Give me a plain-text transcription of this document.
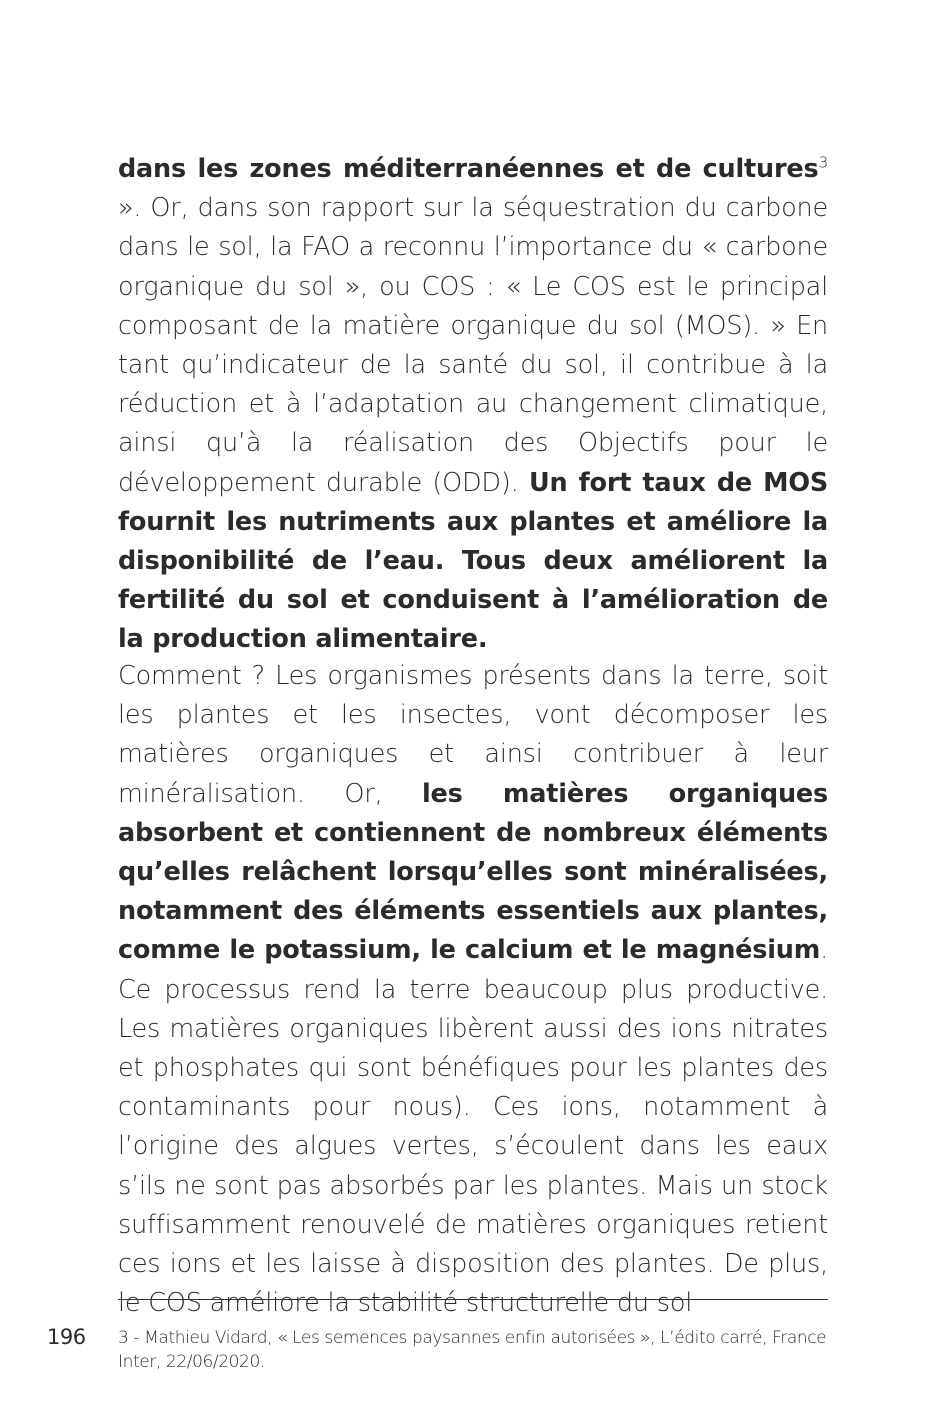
dans les zones méditerranéennes et de cultures$^3$ ». Or, dans son rapport sur la séquestration du carbone dans le sol, la FAO a reconnu l’importance du « carbone organique du sol », ou COS : « Le COS est le principal composant de la matière organique du sol (MOS). » En tant qu’indicateur de la santé du sol, il contribue à la réduction et à l’adaptation au changement climatique, ainsi qu’à la réalisation des Objectifs pour le développement durable (ODD). Un fort taux de MOS fournit les nutriments aux plantes et améliore la disponibilité de l’eau. Tous deux améliorent la fertilité du sol et conduisent à l’amélioration de la production alimentaire.

Comment ? Les organismes présents dans la terre, soit les plantes et les insectes, vont décomposer les matières organiques et ainsi contribuer à leur minéralisation. Or, les matières organiques absorbent et contiennent de nombreux éléments qu’elles relâchent lorsqu’elles sont minéralisées, notamment des éléments essentiels aux plantes, comme le potassium, le calcium et le magnésium. Ce processus rend la terre beaucoup plus productive. Les matières organiques libèrent aussi des ions nitrates et phosphates qui sont bénéfiques pour les plantes des contaminants pour nous). Ces ions, notamment à l’origine des algues vertes, s’écoulent dans les eaux s’ils ne sont pas absorbés par les plantes. Mais un stock suffisamment renouvelé de matières organiques retient ces ions et les laisse à disposition des plantes. De plus, le COS améliore la stabilité structurelle du sol

196 3 - Mathieu Vidard, « Les semences paysannes enfin autorisées », L’édito carré, France Inter, 22/06/2020.
